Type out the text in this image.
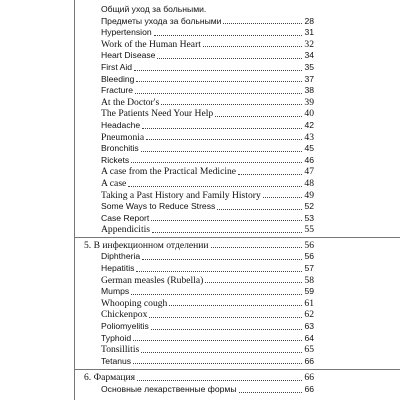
Общий уход за больными.
Предметы ухода за больными	28
Hypertension	31
Work of the Human Heart	32
Heart Disease	34
First Aid	35
Bleeding	37
Fracture	38
At the Doctor's	39
The Patients Need Your Help	40
Headache	42
Pneumonia	43
Bronchitis	45
Rickets	46
A case from the Practical Medicine	47
A case	48
Taking a Past History and Family History	49
Some Ways to Reduce Stress	52
Case Report	53
Appendicitis	55
5. В инфекционном отделении	56
Diphtheria	56
Hepatitis	57
German measles (Rubella)	58
Mumps	59
Whooping cough	61
Chickenpox	62
Poliomyelitis	63
Typhoid	64
Tonsillitis	65
Tetanus	66
6. Фармация	66
Основные лекарственные формы	66
